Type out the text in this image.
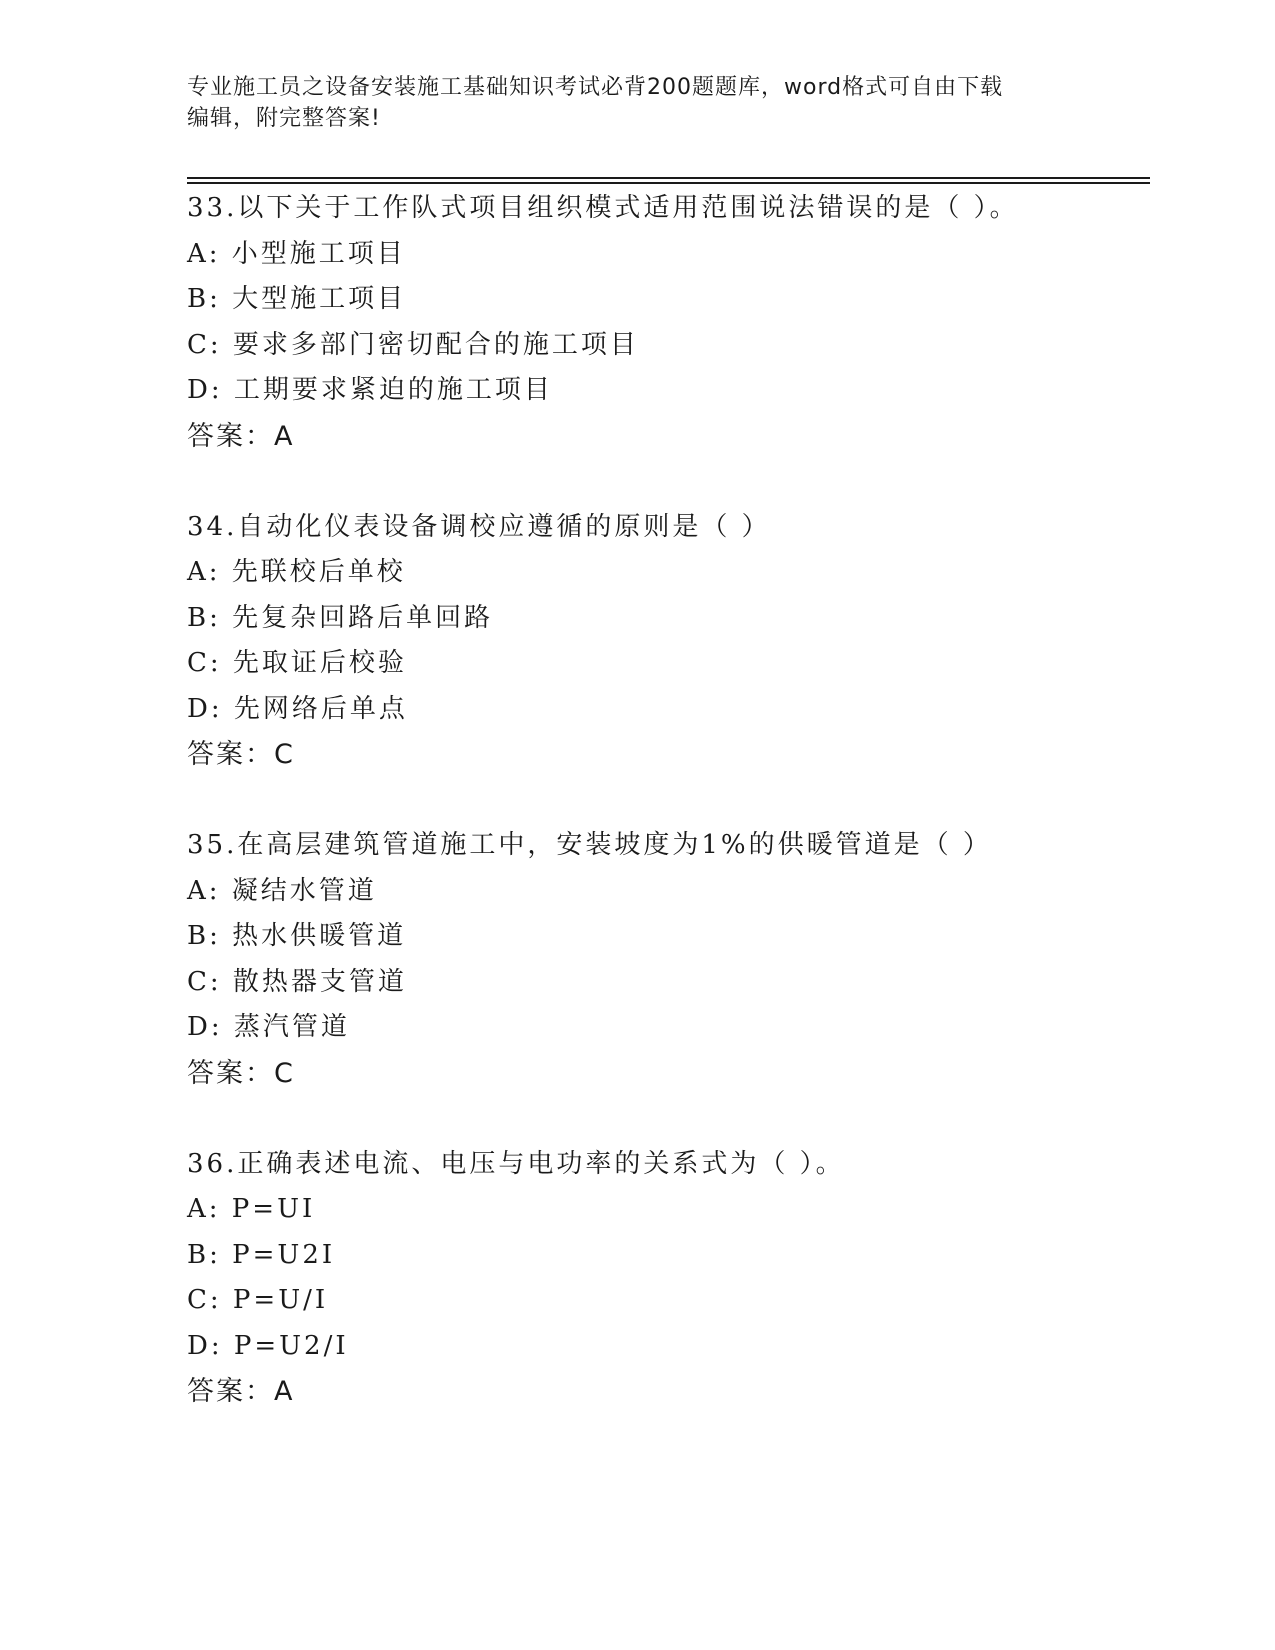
专业施工员之设备安装施工基础知识考试必背200题题库，word格式可自由下载
编辑，附完整答案!
33.以下关于工作队式项目组织模式适用范围说法错误的是（ ）。
A: 小型施工项目
B: 大型施工项目
C: 要求多部门密切配合的施工项目
D: 工期要求紧迫的施工项目
答案：A
34.自动化仪表设备调校应遵循的原则是（ ）
A: 先联校后单校
B: 先复杂回路后单回路
C: 先取证后校验
D: 先网络后单点
答案：C
35.在高层建筑管道施工中，安装坡度为1%的供暖管道是（ ）
A: 凝结水管道
B: 热水供暖管道
C: 散热器支管道
D: 蒸汽管道
答案：C
36.正确表述电流、电压与电功率的关系式为（ ）。
A: P=UI
B: P=U2I
C: P=U/I
D: P=U2/I
答案：A
